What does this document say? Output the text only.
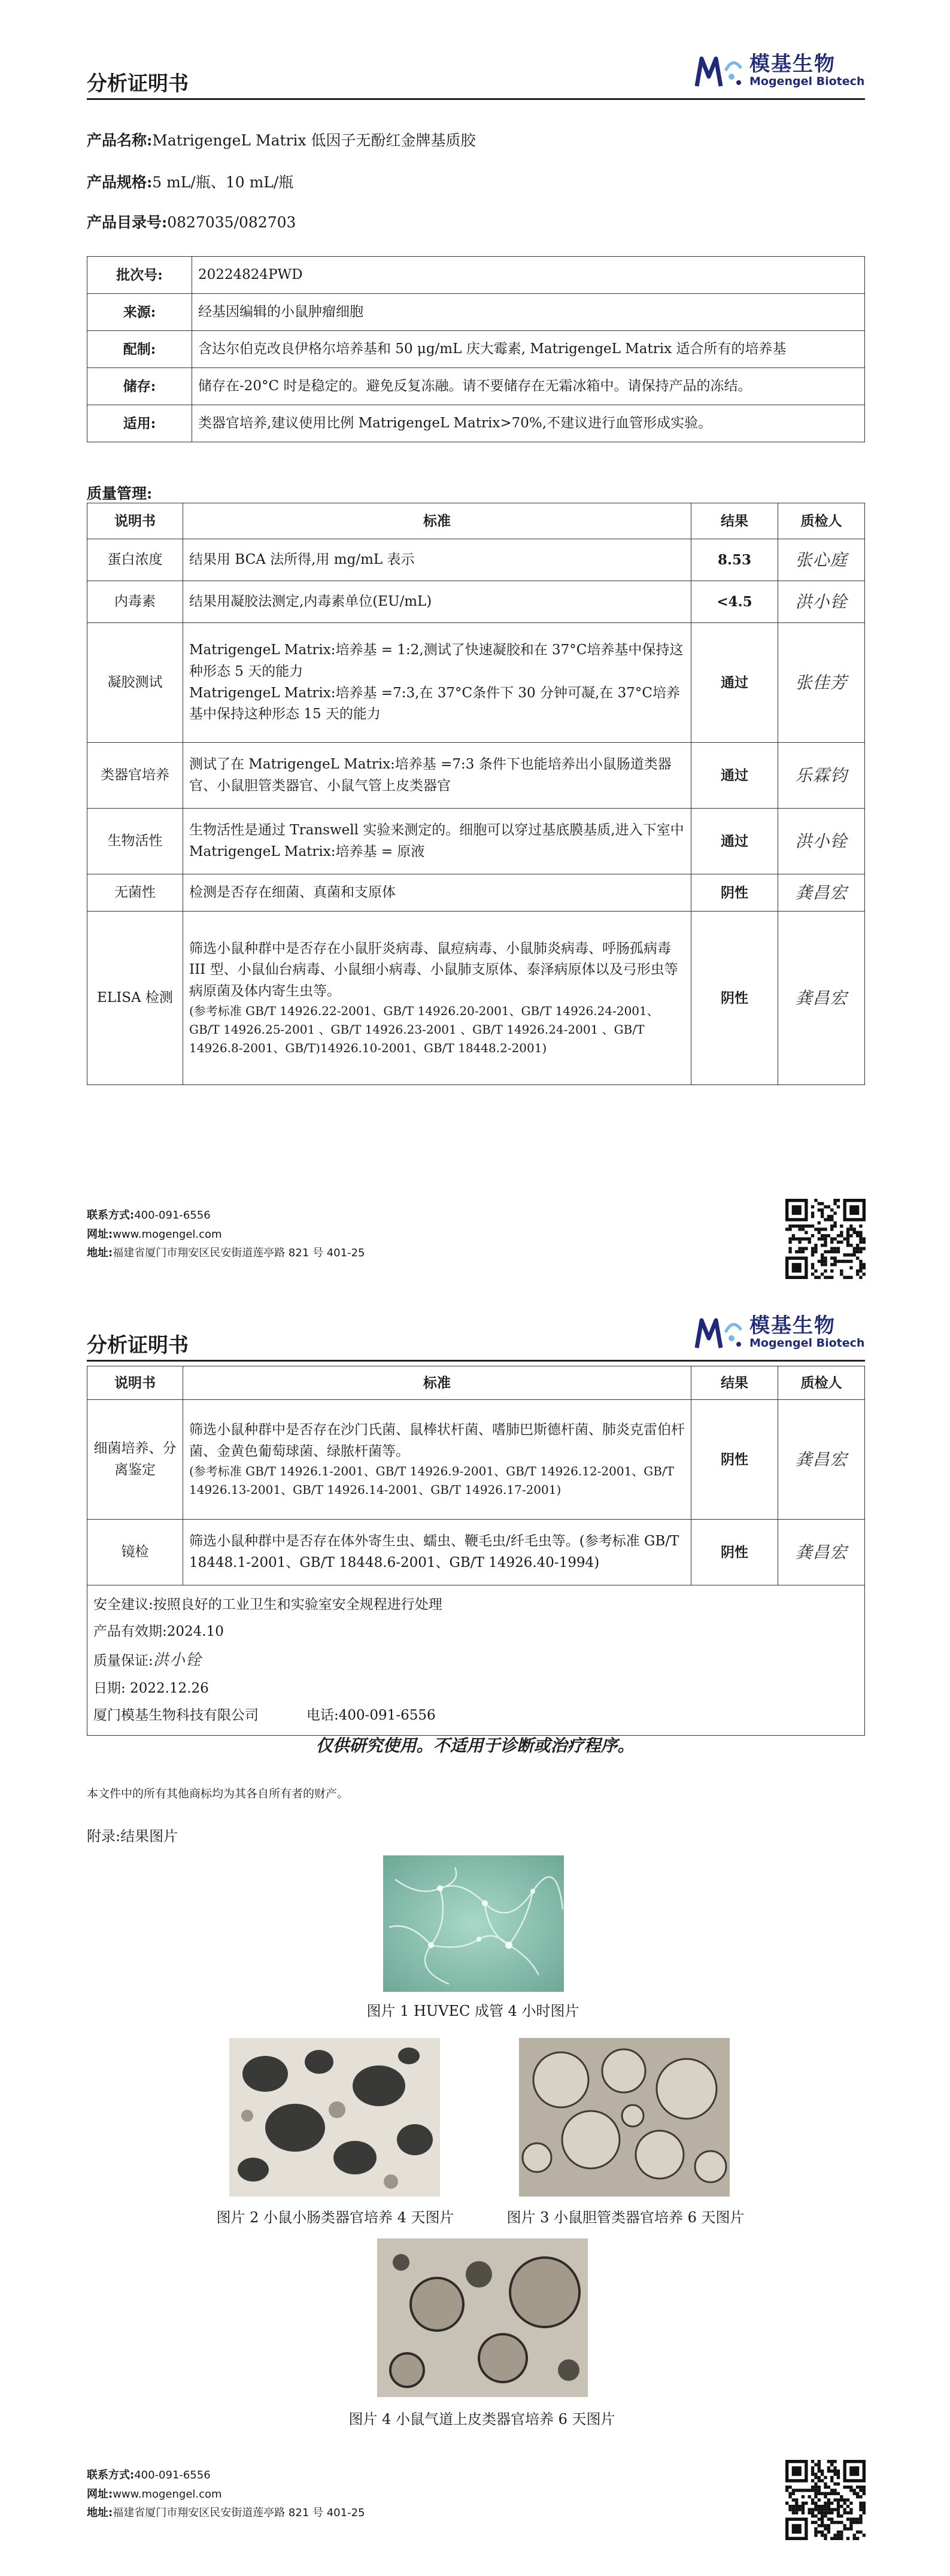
分析证明书
模基生物
Mogengel Biotech
产品名称:MatrigengeL Matrix 低因子无酚红金牌基质胶
产品规格:5 mL/瓶、10 mL/瓶
产品目录号:0827035/082703
批次号:	20224824PWD
来源:	经基因编辑的小鼠肿瘤细胞
配制:	含达尔伯克改良伊格尔培养基和 50 μg/mL 庆大霉素, MatrigengeL Matrix 适合所有的培养基
储存:	储存在-20°C 时是稳定的。避免反复冻融。请不要储存在无霜冰箱中。请保持产品的冻结。
适用:	类器官培养,建议使用比例 MatrigengeL Matrix>70%,不建议进行血管形成实验。
质量管理:
说明书	标准	结果	质检人
蛋白浓度	结果用 BCA 法所得,用 mg/mL 表示	8.53	张心庭
内毒素	结果用凝胶法测定,内毒素单位(EU/mL)	<4.5	洪小铨
凝胶测试	MatrigengeL Matrix:培养基 = 1:2,测试了快速凝胶和在 37°C培养基中保持这种形态 5 天的能力
MatrigengeL Matrix:培养基 =7:3,在 37°C条件下 30 分钟可凝,在 37°C培养基中保持这种形态 15 天的能力	通过	张佳芳
类器官培养	测试了在 MatrigengeL Matrix:培养基 =7:3 条件下也能培养出小鼠肠道类器官、小鼠胆管类器官、小鼠气管上皮类器官	通过	乐霖钧
生物活性	生物活性是通过 Transwell 实验来测定的。细胞可以穿过基底膜基质,进入下室中 MatrigengeL Matrix:培养基 = 原液	通过	洪小铨
无菌性	检测是否存在细菌、真菌和支原体	阴性	龚昌宏
ELISA 检测	筛选小鼠种群中是否存在小鼠肝炎病毒、鼠痘病毒、小鼠肺炎病毒、呼肠孤病毒 III 型、小鼠仙台病毒、小鼠细小病毒、小鼠肺支原体、泰泽病原体以及弓形虫等病原菌及体内寄生虫等。
(参考标准 GB/T 14926.22-2001、GB/T 14926.20-2001、GB/T 14926.24-2001、GB/T 14926.25-2001 、GB/T 14926.23-2001 、GB/T 14926.24-2001 、GB/T 14926.8-2001、GB/T)14926.10-2001、GB/T 18448.2-2001)	阴性	龚昌宏
联系方式:400-091-6556
网址:www.mogengel.com
地址:福建省厦门市翔安区民安街道莲亭路 821 号 401-25
分析证明书
模基生物
Mogengel Biotech
说明书	标准	结果	质检人
细菌培养、分离鉴定	筛选小鼠种群中是否存在沙门氏菌、鼠棒状杆菌、嗜肺巴斯德杆菌、肺炎克雷伯杆菌、金黄色葡萄球菌、绿脓杆菌等。
(参考标准 GB/T 14926.1-2001、GB/T 14926.9-2001、GB/T 14926.12-2001、GB/T 14926.13-2001、GB/T 14926.14-2001、GB/T 14926.17-2001)	阴性	龚昌宏
镜检	筛选小鼠种群中是否存在体外寄生虫、蠕虫、鞭毛虫/纤毛虫等。(参考标准 GB/T 18448.1-2001、GB/T 18448.6-2001、GB/T 14926.40-1994)	阴性	龚昌宏

安全建议:按照良好的工业卫生和实验室安全规程进行处理
产品有效期:2024.10
质量保证:洪小铨
日期: 2022.12.26
厦门模基生物科技有限公司 电话:400-091-6556			
仅供研究使用。不适用于诊断或治疗程序。
本文件中的所有其他商标均为其各自所有者的财产。
附录:结果图片
图片 1 HUVEC 成管 4 小时图片
图片 2 小鼠小肠类器官培养 4 天图片	图片 3 小鼠胆管类器官培养 6 天图片
图片 4 小鼠气道上皮类器官培养 6 天图片
联系方式:400-091-6556
网址:www.mogengel.com
地址:福建省厦门市翔安区民安街道莲亭路 821 号 401-25
